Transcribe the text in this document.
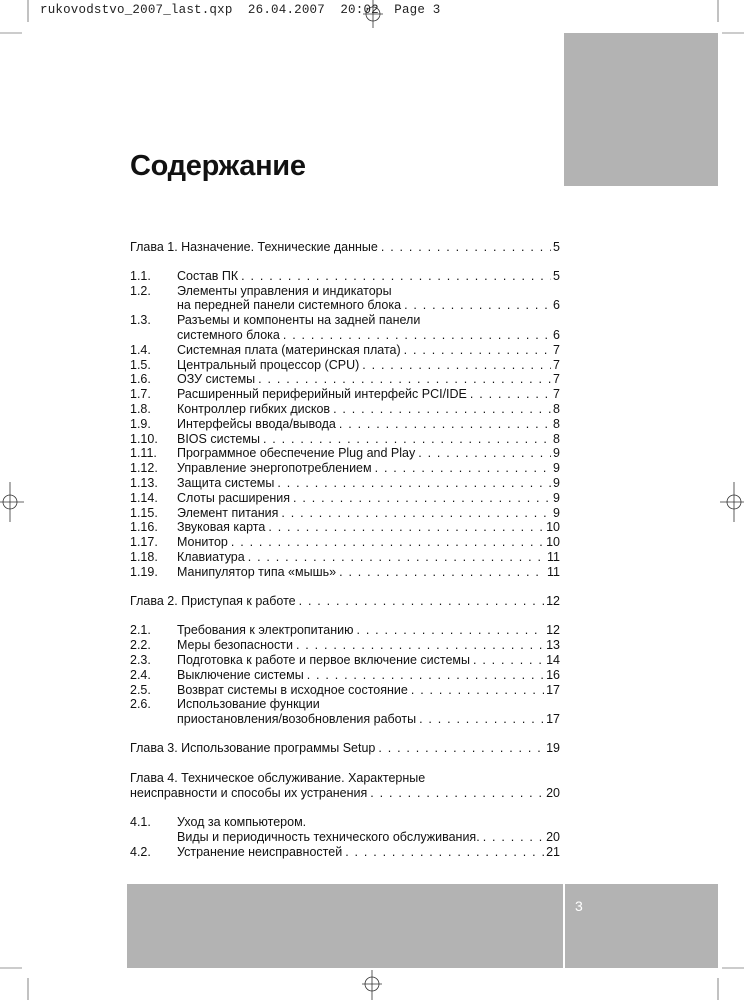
rukovodstvo_2007_last.qxp  26.04.2007  20:02  Page 3
3
Содержание
Глава 1. Назначение. Технические данные . . .	5
1.1.	Состав ПК . . .	5
1.2.	Элементы управления и индикаторы
на передней панели системного блока . . .	6
1.3.	Разъемы и компоненты на задней панели
системного блока . . .	6
1.4.	Системная плата (материнская плата) . . .	7
1.5.	Центральный процессор (CPU) . . .	7
1.6.	ОЗУ системы . . .	7
1.7.	Расширенный периферийный интерфейс PCI/IDE . . .	7
1.8.	Контроллер гибких дисков . . .	8
1.9.	Интерфейсы ввода/вывода . . .	8
1.10.	BIOS системы . . .	8
1.11.	Программное обеспечение Plug and Play . . .	9
1.12.	Управление энергопотреблением . . .	9
1.13.	Защита системы . . .	9
1.14.	Слоты расширения . . .	9
1.15.	Элемент питания . . .	9
1.16.	Звуковая карта . . .	10
1.17.	Монитор . . .	10
1.18.	Клавиатура . . .	11
1.19.	Манипулятор типа «мышь» . . .	11
Глава 2. Приступая к работе . . .	12
2.1.	Требования к электропитанию . . .	12
2.2.	Меры безопасности . . .	13
2.3.	Подготовка к работе и первое включение системы . . .	14
2.4.	Выключение системы . . .	16
2.5.	Возврат системы в исходное состояние . . .	17
2.6.	Использование функции
приостановления/возобновления работы . . .	17
Глава 3. Использование программы Setup . . .	19
Глава 4. Техническое обслуживание. Характерные
неисправности и способы их устранения . . .	20
4.1.	Уход за компьютером.
Виды и периодичность технического обслуживания. . . .	20
4.2.	Устранение неисправностей . . .	21
